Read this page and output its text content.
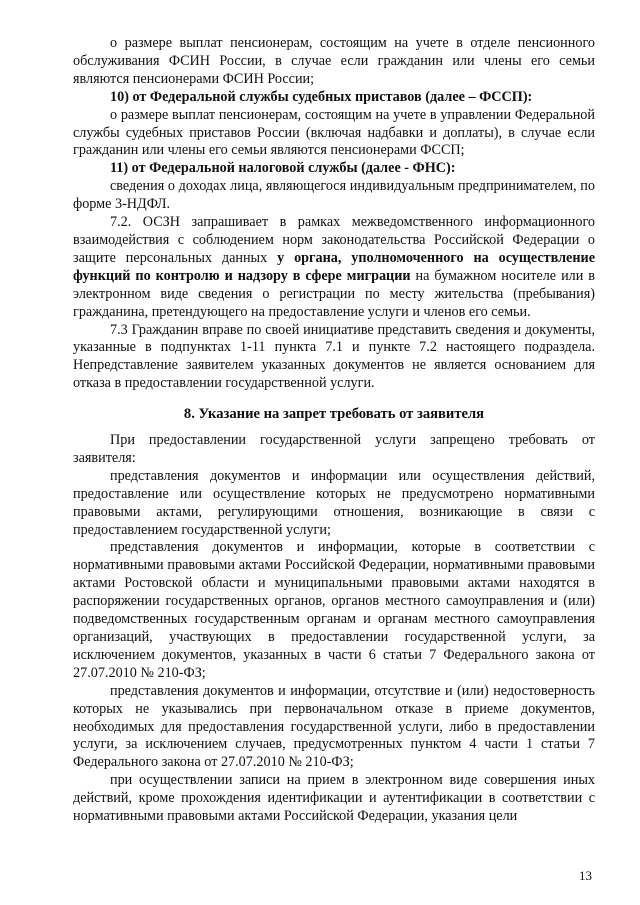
о размере выплат пенсионерам, состоящим на учете в отделе пенсионного обслуживания ФСИН России, в случае если гражданин или члены его семьи являются пенсионерами ФСИН России;

10) от Федеральной службы судебных приставов (далее – ФССП):

о размере выплат пенсионерам, состоящим на учете в управлении Федеральной службы судебных приставов России (включая надбавки и доплаты), в случае если гражданин или члены его семьи являются пенсионерами ФССП;

11) от Федеральной налоговой службы (далее - ФНС):

сведения о доходах лица, являющегося индивидуальным предпринимателем, по форме 3-НДФЛ.

7.2. ОСЗН запрашивает в рамках межведомственного информационного взаимодействия с соблюдением норм законодательства Российской Федерации о защите персональных данных у органа, уполномоченного на осуществление функций по контролю и надзору в сфере миграции на бумажном носителе или в электронном виде сведения о регистрации по месту жительства (пребывания) гражданина, претендующего на предоставление услуги и членов его семьи.

7.3 Гражданин вправе по своей инициативе представить сведения и документы, указанные в подпунктах 1-11 пункта 7.1 и пункте 7.2 настоящего подраздела. Непредставление заявителем указанных документов не является основанием для отказа в предоставлении государственной услуги.

8. Указание на запрет требовать от заявителя

При предоставлении государственной услуги запрещено требовать от заявителя:

представления документов и информации или осуществления действий, предоставление или осуществление которых не предусмотрено нормативными правовыми актами, регулирующими отношения, возникающие в связи с предоставлением государственной услуги;

представления документов и информации, которые в соответствии с нормативными правовыми актами Российской Федерации, нормативными правовыми актами Ростовской области и муниципальными правовыми актами находятся в распоряжении государственных органов, органов местного самоуправления и (или) подведомственных государственным органам и органам местного самоуправления организаций, участвующих в предоставлении государственной услуги, за исключением документов, указанных в части 6 статьи 7 Федерального закона от 27.07.2010 № 210-ФЗ;

представления документов и информации, отсутствие и (или) недостоверность которых не указывались при первоначальном отказе в приеме документов, необходимых для предоставления государственной услуги, либо в предоставлении услуги, за исключением случаев, предусмотренных пунктом 4 части 1 статьи 7 Федерального закона от 27.07.2010 № 210-ФЗ;

при осуществлении записи на прием в электронном виде совершения иных действий, кроме прохождения идентификации и аутентификации в соответствии с нормативными правовыми актами Российской Федерации, указания цели

13
